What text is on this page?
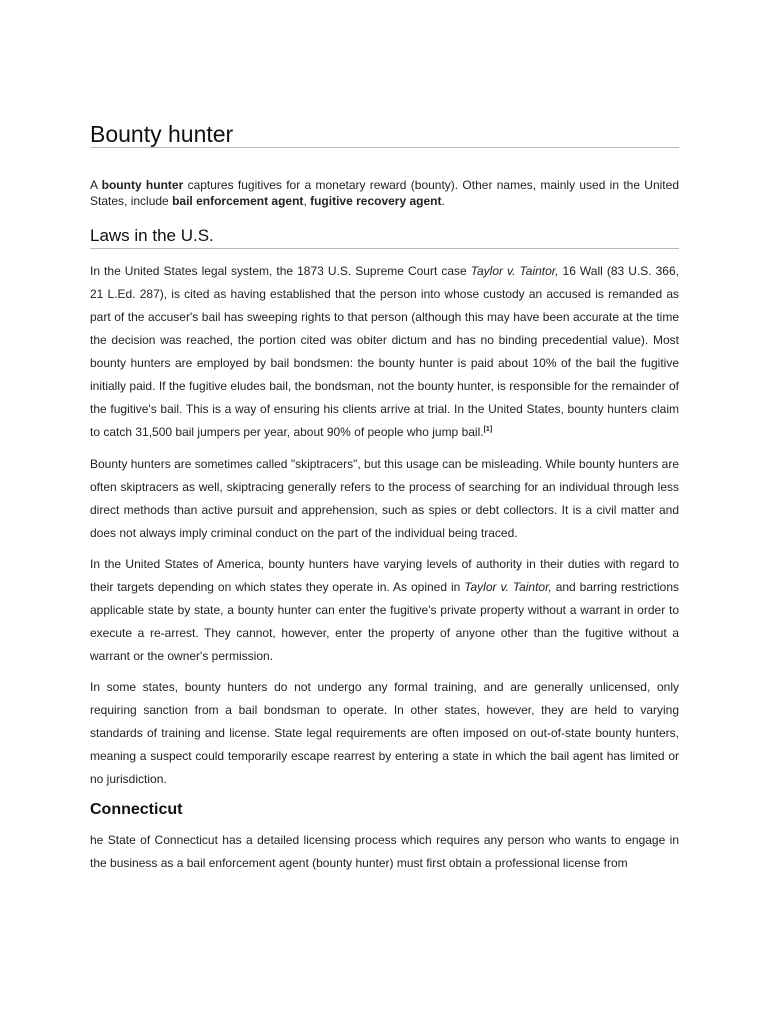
Bounty hunter

A bounty hunter captures fugitives for a monetary reward (bounty). Other names, mainly used in the United States, include bail enforcement agent, fugitive recovery agent.

Laws in the U.S.

In the United States legal system, the 1873 U.S. Supreme Court case Taylor v. Taintor, 16 Wall (83 U.S. 366, 21 L.Ed. 287), is cited as having established that the person into whose custody an accused is remanded as part of the accuser's bail has sweeping rights to that person (although this may have been accurate at the time the decision was reached, the portion cited was obiter dictum and has no binding precedential value). Most bounty hunters are employed by bail bondsmen: the bounty hunter is paid about 10% of the bail the fugitive initially paid. If the fugitive eludes bail, the bondsman, not the bounty hunter, is responsible for the remainder of the fugitive's bail. This is a way of ensuring his clients arrive at trial. In the United States, bounty hunters claim to catch 31,500 bail jumpers per year, about 90% of people who jump bail.[1]

Bounty hunters are sometimes called "skiptracers", but this usage can be misleading. While bounty hunters are often skiptracers as well, skiptracing generally refers to the process of searching for an individual through less direct methods than active pursuit and apprehension, such as spies or debt collectors. It is a civil matter and does not always imply criminal conduct on the part of the individual being traced.

In the United States of America, bounty hunters have varying levels of authority in their duties with regard to their targets depending on which states they operate in. As opined in Taylor v. Taintor, and barring restrictions applicable state by state, a bounty hunter can enter the fugitive's private property without a warrant in order to execute a re-arrest. They cannot, however, enter the property of anyone other than the fugitive without a warrant or the owner's permission.

In some states, bounty hunters do not undergo any formal training, and are generally unlicensed, only requiring sanction from a bail bondsman to operate. In other states, however, they are held to varying standards of training and license. State legal requirements are often imposed on out-of-state bounty hunters, meaning a suspect could temporarily escape rearrest by entering a state in which the bail agent has limited or no jurisdiction.

Connecticut

he State of Connecticut has a detailed licensing process which requires any person who wants to engage in the business as a bail enforcement agent (bounty hunter) must first obtain a professional license from
